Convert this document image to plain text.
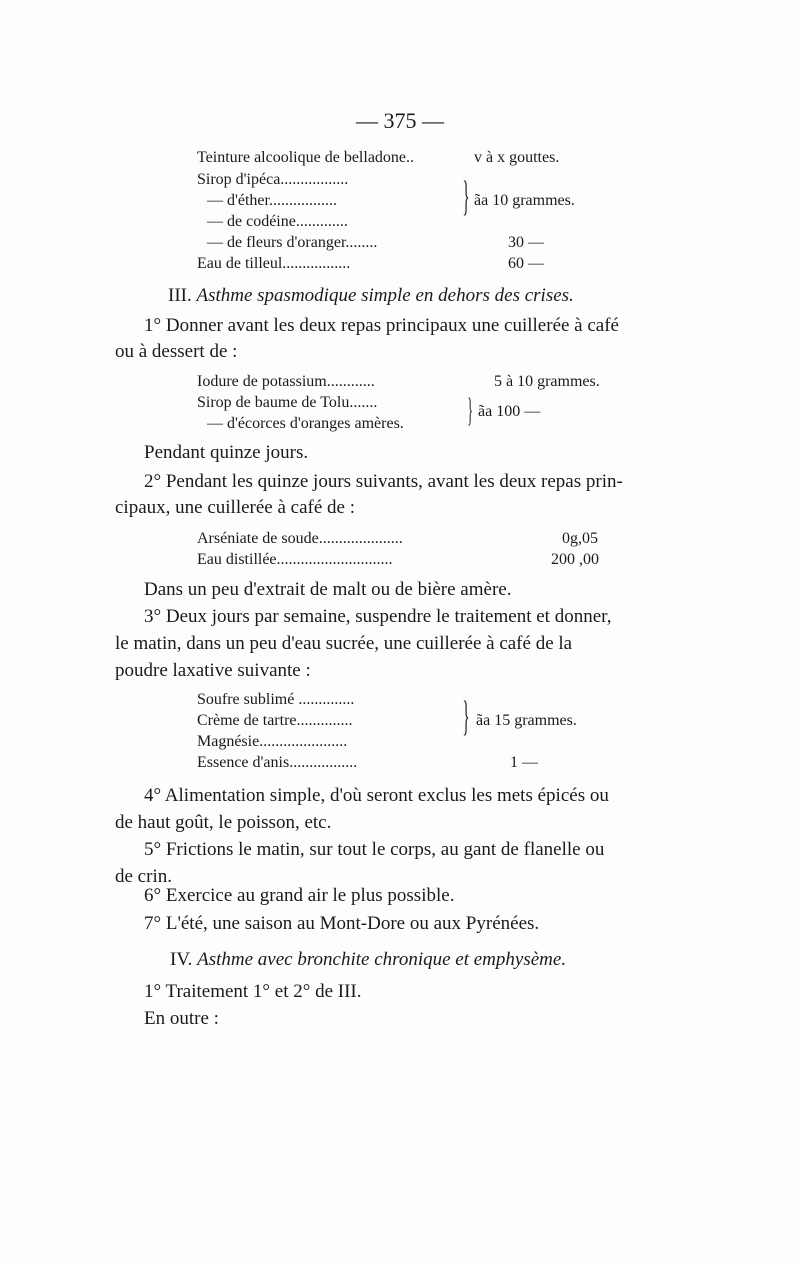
— 375 —
Teinture alcoolique de belladone..	v à x gouttes.
Sirop d'ipéca.................
— d'éther.................
— de codéine.............
} ãa 10 grammes.
— de fleurs d'oranger........	30 —
Eau de tilleul.................	60 —
III. Asthme spasmodique simple en dehors des crises.
1° Donner avant les deux repas principaux une cuillerée à café
ou à dessert de :
Iodure de potassium............	5 à 10 grammes.
Sirop de baume de Tolu.......
— d'écorces d'oranges amères. } ãa 100 —
Pendant quinze jours.
2° Pendant les quinze jours suivants, avant les deux repas prin-
cipaux, une cuillerée à café de :
Arséniate de soude.....................	0g,05
Eau distillée.............................	200 ,00
Dans un peu d'extrait de malt ou de bière amère.
3° Deux jours par semaine, suspendre le traitement et donner,
le matin, dans un peu d'eau sucrée, une cuillerée à café de la
poudre laxative suivante :
Soufre sublimé ..............
Crème de tartre..............
Magnésie......................
} ãa 15 grammes.
Essence d'anis.................	1 —
4° Alimentation simple, d'où seront exclus les mets épicés ou
de haut goût, le poisson, etc.
5° Frictions le matin, sur tout le corps, au gant de flanelle ou
de crin.
6° Exercice au grand air le plus possible.
7° L'été, une saison au Mont-Dore ou aux Pyrénées.
IV. Asthme avec bronchite chronique et emphysème.
1° Traitement 1° et 2° de III.
En outre :
